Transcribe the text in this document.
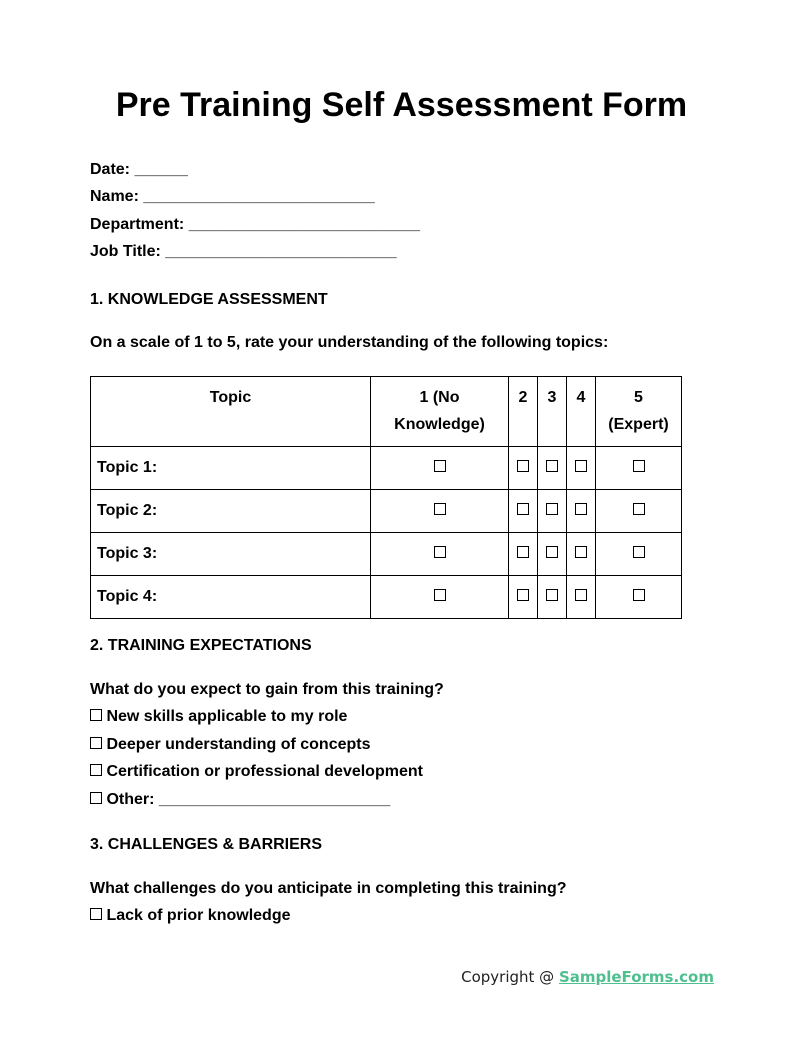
Pre Training Self Assessment Form
Date: ______
Name: __________________________
Department: __________________________
Job Title: __________________________
1. KNOWLEDGE ASSESSMENT
On a scale of 1 to 5, rate your understanding of the following topics:
Topic	1 (No Knowledge)	2	3	4	5 (Expert)
Topic 1:					
Topic 2:					
Topic 3:					
Topic 4:					
2. TRAINING EXPECTATIONS
What do you expect to gain from this training?
New skills applicable to my role
Deeper understanding of concepts
Certification or professional development
Other: __________________________
3. CHALLENGES & BARRIERS
What challenges do you anticipate in completing this training?
Lack of prior knowledge
Copyright @ SampleForms.com
